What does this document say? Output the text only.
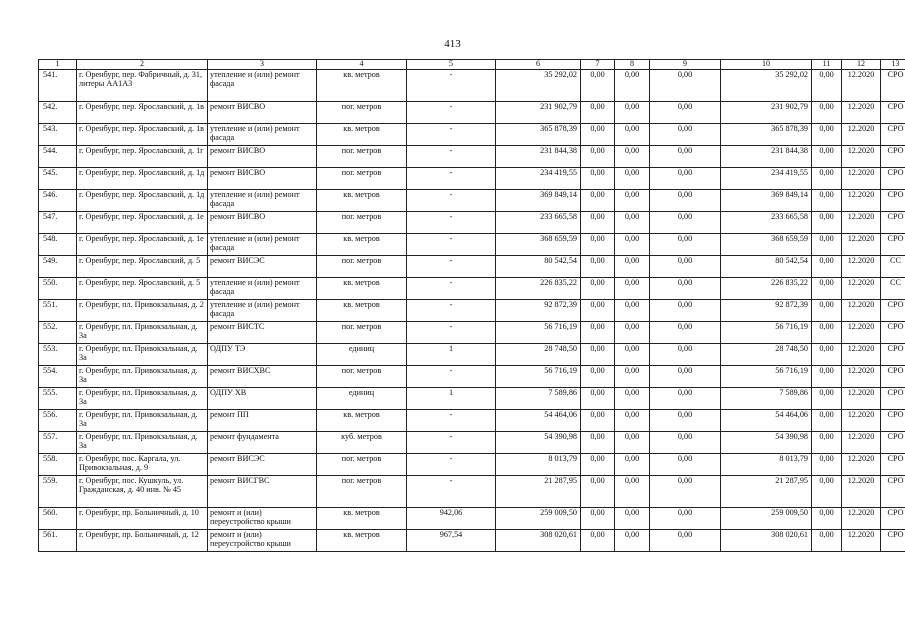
413
1	2	3	4	5	6	7	8	9	10	11	12	13
541.	г. Оренбург, пер. Фабричный, д. 31, литеры АА1А3	утепление и (или) ремонт фасада	кв. метров	-	35 292,02	0,00	0,00	0,00	35 292,02	0,00	12.2020	СРО
542.	г. Оренбург, пер. Ярославский, д. 1в	ремонт ВИСВО	пог. метров	-	231 902,79	0,00	0,00	0,00	231 902,79	0,00	12.2020	СРО
543.	г. Оренбург, пер. Ярославский, д. 1в	утепление и (или) ремонт фасада	кв. метров	-	365 878,39	0,00	0,00	0,00	365 878,39	0,00	12.2020	СРО
544.	г. Оренбург, пер. Ярославский, д. 1г	ремонт ВИСВО	пог. метров	-	231 844,38	0,00	0,00	0,00	231 844,38	0,00	12.2020	СРО
545.	г. Оренбург, пер. Ярославский, д. 1д	ремонт ВИСВО	пог. метров	-	234 419,55	0,00	0,00	0,00	234 419,55	0,00	12.2020	СРО
546.	г. Оренбург, пер. Ярославский, д. 1д	утепление и (или) ремонт фасада	кв. метров	-	369 849,14	0,00	0,00	0,00	369 849,14	0,00	12.2020	СРО
547.	г. Оренбург, пер. Ярославский, д. 1е	ремонт ВИСВО	пог. метров	-	233 665,58	0,00	0,00	0,00	233 665,58	0,00	12.2020	СРО
548.	г. Оренбург, пер. Ярославский, д. 1е	утепление и (или) ремонт фасада	кв. метров	-	368 659,59	0,00	0,00	0,00	368 659,59	0,00	12.2020	СРО
549.	г. Оренбург, пер. Ярославский, д. 5	ремонт ВИСЭС	пог. метров	-	80 542,54	0,00	0,00	0,00	80 542,54	0,00	12.2020	СС
550.	г. Оренбург, пер. Ярославский, д. 5	утепление и (или) ремонт фасада	кв. метров	-	226 835,22	0,00	0,00	0,00	226 835,22	0,00	12.2020	СС
551.	г. Оренбург, пл. Привокзальная, д. 2	утепление и (или) ремонт фасада	кв. метров	-	92 872,39	0,00	0,00	0,00	92 872,39	0,00	12.2020	СРО
552.	г. Оренбург, пл. Привокзальная, д. 3а	ремонт ВИСТС	пог. метров	-	56 716,19	0,00	0,00	0,00	56 716,19	0,00	12.2020	СРО
553.	г. Оренбург, пл. Привокзальная, д. 3а	ОДПУ ТЭ	единиц	1	28 748,50	0,00	0,00	0,00	28 748,50	0,00	12.2020	СРО
554.	г. Оренбург, пл. Привокзальная, д. 3а	ремонт ВИСХВС	пог. метров	-	56 716,19	0,00	0,00	0,00	56 716,19	0,00	12.2020	СРО
555.	г. Оренбург, пл. Привокзальная, д. 3а	ОДПУ ХВ	единиц	1	7 589,86	0,00	0,00	0,00	7 589,86	0,00	12.2020	СРО
556.	г. Оренбург, пл. Привокзальная, д. 3а	ремонт ПП	кв. метров	-	54 464,06	0,00	0,00	0,00	54 464,06	0,00	12.2020	СРО
557.	г. Оренбург, пл. Привокзальная, д. 3а	ремонт фундамента	куб. метров	-	54 390,98	0,00	0,00	0,00	54 390,98	0,00	12.2020	СРО
558.	г. Оренбург, пос. Каргала, ул. Привокзальная, д. 9	ремонт ВИСЭС	пог. метров	-	8 013,79	0,00	0,00	0,00	8 013,79	0,00	12.2020	СРО
559.	г. Оренбург, пос. Кушкуль, ул. Гражданская, д. 40 инв. № 45	ремонт ВИСГВС	пог. метров	-	21 287,95	0,00	0,00	0,00	21 287,95	0,00	12.2020	СРО
560.	г. Оренбург, пр. Больничный, д. 10	ремонт и (или) переустройство крыши	кв. метров	942,06	259 009,50	0,00	0,00	0,00	259 009,50	0,00	12.2020	СРО
561.	г. Оренбург, пр. Больничный, д. 12	ремонт и (или) переустройство крыши	кв. метров	967,54	308 020,61	0,00	0,00	0,00	308 020,61	0,00	12.2020	СРО
